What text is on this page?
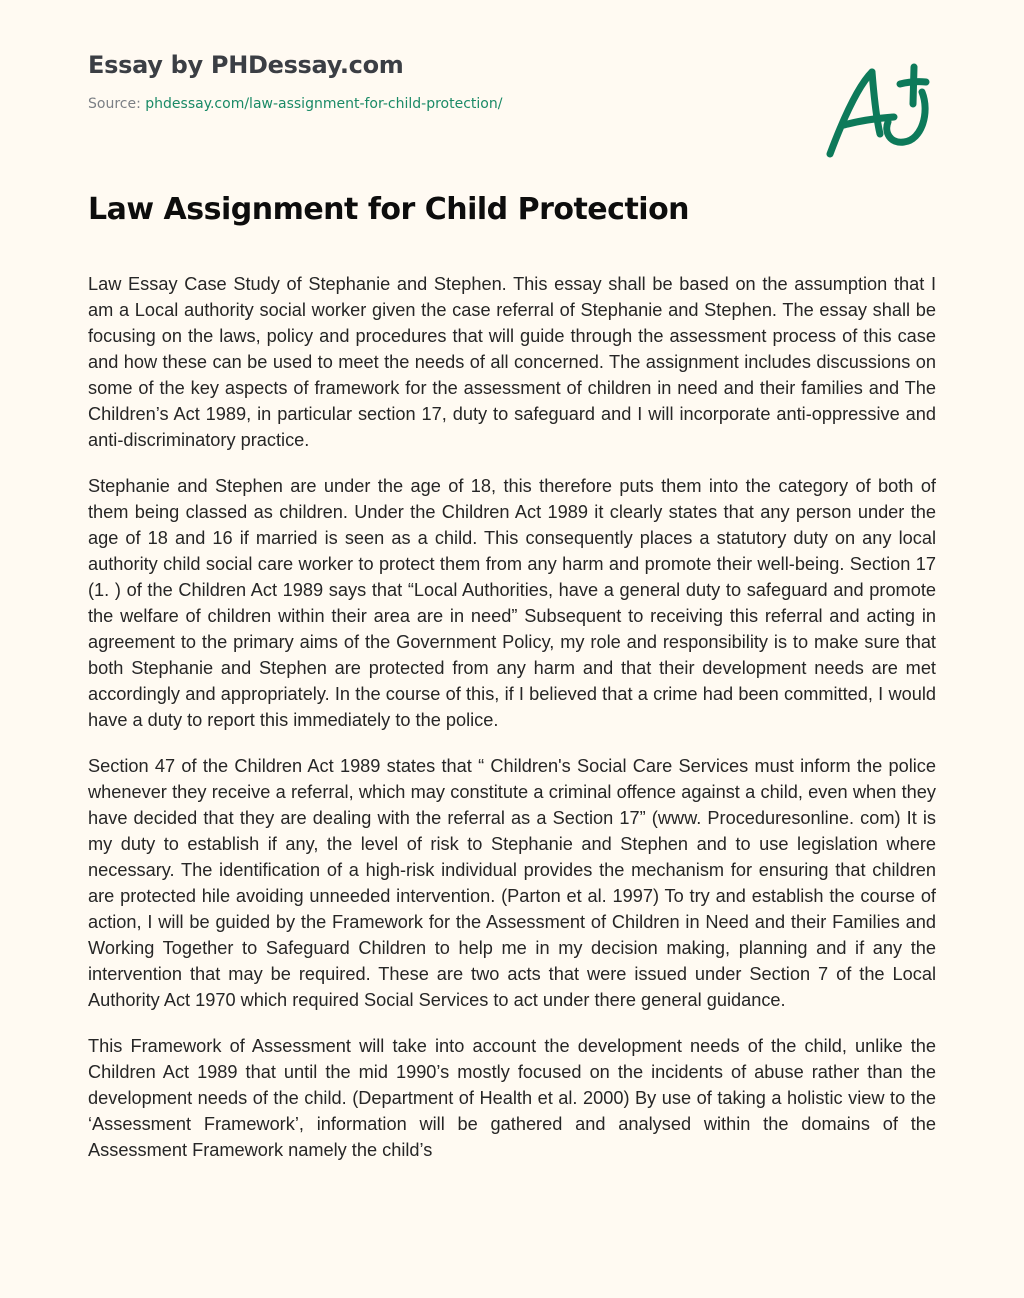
Essay by PHDessay.com
Source: phdessay.com/law-assignment-for-child-protection/
Law Assignment for Child Protection

Law Essay Case Study of Stephanie and Stephen. This essay shall be based on the assumption that I am a Local authority social worker given the case referral of Stephanie and Stephen. The essay shall be focusing on the laws, policy and procedures that will guide through the assessment process of this case and how these can be used to meet the needs of all concerned. The assignment includes discussions on some of the key aspects of framework for the assessment of children in need and their families and The Children’s Act 1989, in particular section 17, duty to safeguard and I will incorporate anti-oppressive and anti-discriminatory practice.

Stephanie and Stephen are under the age of 18, this therefore puts them into the category of both of them being classed as children. Under the Children Act 1989 it clearly states that any person under the age of 18 and 16 if married is seen as a child. This consequently places a statutory duty on any local authority child social care worker to protect them from any harm and promote their well-being. Section 17 (1. ) of the Children Act 1989 says that “Local Authorities, have a general duty to safeguard and promote the welfare of children within their area are in need” Subsequent to receiving this referral and acting in agreement to the primary aims of the Government Policy, my role and responsibility is to make sure that both Stephanie and Stephen are protected from any harm and that their development needs are met accordingly and appropriately. In the course of this, if I believed that a crime had been committed, I would have a duty to report this immediately to the police.

Section 47 of the Children Act 1989 states that “ Children's Social Care Services must inform the police whenever they receive a referral, which may constitute a criminal offence against a child, even when they have decided that they are dealing with the referral as a Section 17” (www. Proceduresonline. com) It is my duty to establish if any, the level of risk to Stephanie and Stephen and to use legislation where necessary. The identification of a high-risk individual provides the mechanism for ensuring that children are protected hile avoiding unneeded intervention. (Parton et al. 1997) To try and establish the course of action, I will be guided by the Framework for the Assessment of Children in Need and their Families and Working Together to Safeguard Children to help me in my decision making, planning and if any the intervention that may be required. These are two acts that were issued under Section 7 of the Local Authority Act 1970 which required Social Services to act under there general guidance.

This Framework of Assessment will take into account the development needs of the child, unlike the Children Act 1989 that until the mid 1990’s mostly focused on the incidents of abuse rather than the development needs of the child. (Department of Health et al. 2000) By use of taking a holistic view to the ‘Assessment Framework’, information will be gathered and analysed within the domains of the Assessment Framework namely the child’s
